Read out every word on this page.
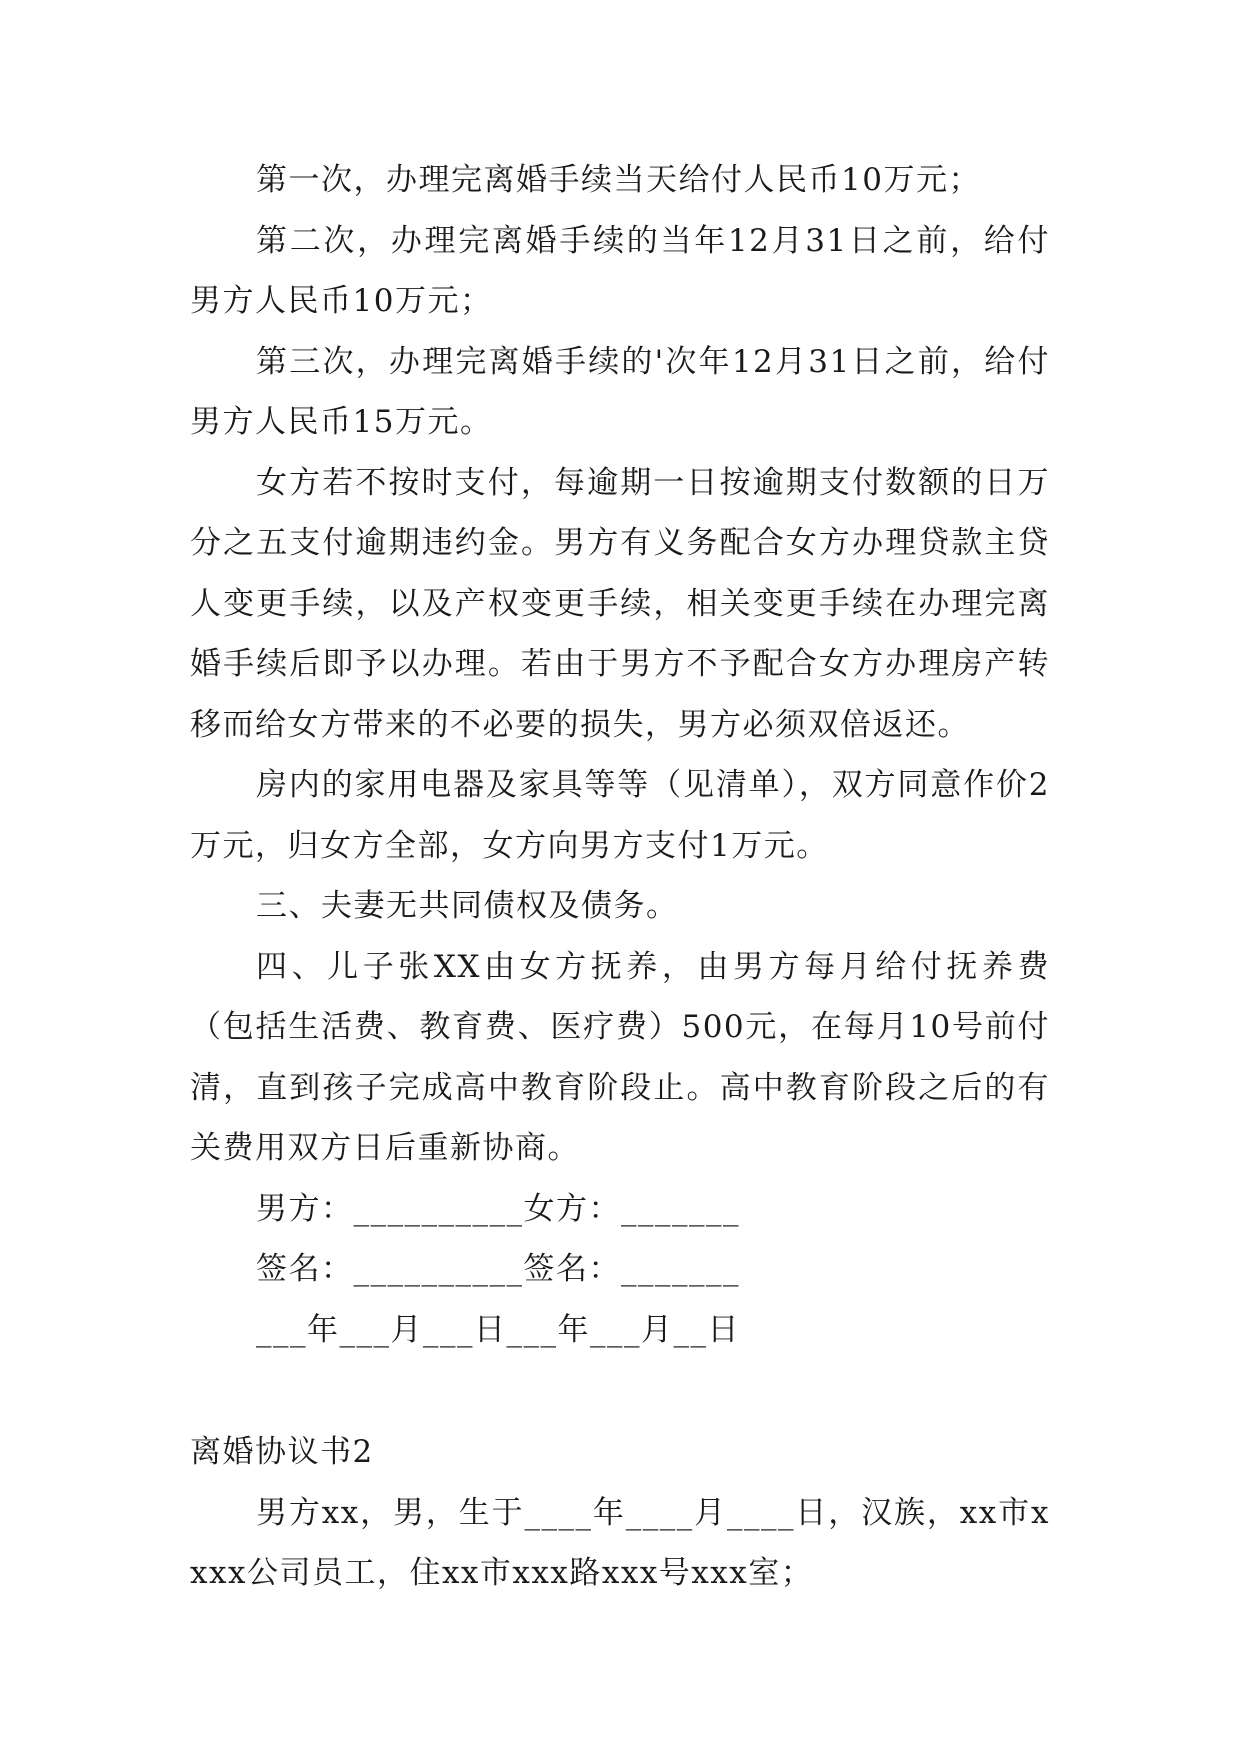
第一次，办理完离婚手续当天给付人民币10万元；

第二次，办理完离婚手续的当年12月31日之前，给付男方人民币10万元；

第三次，办理完离婚手续的'次年12月31日之前，给付男方人民币15万元。

女方若不按时支付，每逾期一日按逾期支付数额的日万分之五支付逾期违约金。男方有义务配合女方办理贷款主贷人变更手续，以及产权变更手续，相关变更手续在办理完离婚手续后即予以办理。若由于男方不予配合女方办理房产转移而给女方带来的不必要的损失，男方必须双倍返还。

房内的家用电器及家具等等（见清单），双方同意作价2万元，归女方全部，女方向男方支付1万元。

三、夫妻无共同债权及债务。

四、儿子张XX由女方抚养，由男方每月给付抚养费（包括生活费、教育费、医疗费）500元，在每月10号前付清，直到孩子完成高中教育阶段止。高中教育阶段之后的有关费用双方日后重新协商。

男方：__________女方：_______

签名：__________签名：_______

___年___月___日___年___月__日

离婚协议书2

男方xx，男，生于____年____月____日，汉族，xx市xxxx公司员工，住xx市xxx路xxx号xxx室；
